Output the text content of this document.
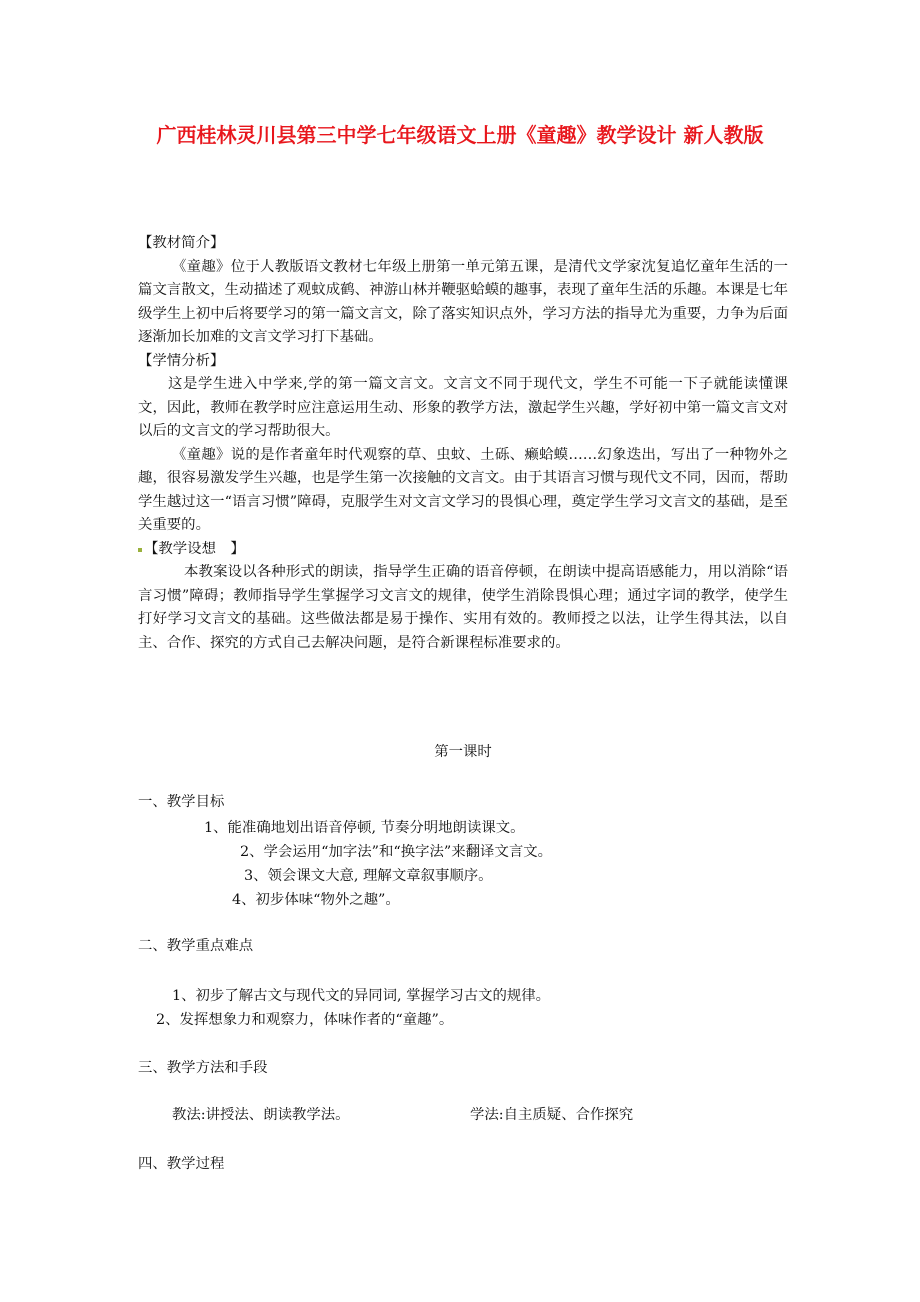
广西桂林灵川县第三中学七年级语文上册《童趣》教学设计 新人教版

【教材简介】

《童趣》位于人教版语文教材七年级上册第一单元第五课，是清代文学家沈复追忆童年生活的一篇文言散文，生动描述了观蚊成鹤、神游山林并鞭驱蛤蟆的趣事，表现了童年生活的乐趣。本课是七年级学生上初中后将要学习的第一篇文言文，除了落实知识点外，学习方法的指导尤为重要，力争为后面逐渐加长加难的文言文学习打下基础。

【学情分析】

这是学生进入中学来,学的第一篇文言文。文言文不同于现代文，学生不可能一下子就能读懂课文，因此，教师在教学时应注意运用生动、形象的教学方法，激起学生兴趣，学好初中第一篇文言文对以后的文言文的学习帮助很大。

《童趣》说的是作者童年时代观察的草、虫蚊、土砾、癞蛤蟆……幻象迭出，写出了一种物外之趣，很容易激发学生兴趣，也是学生第一次接触的文言文。由于其语言习惯与现代文不同，因而，帮助学生越过这一“语言习惯”障碍，克服学生对文言文学习的畏惧心理，奠定学生学习文言文的基础，是至关重要的。

【教学设想　】

本教案设以各种形式的朗读，指导学生正确的语音停顿，在朗读中提高语感能力，用以消除“语言习惯”障碍；教师指导学生掌握学习文言文的规律，使学生消除畏惧心理；通过字词的教学，使学生打好学习文言文的基础。这些做法都是易于操作、实用有效的。教师授之以法，让学生得其法，以自主、合作、探究的方式自己去解决问题，是符合新课程标准要求的。

第一课时
一、教学目标
1、能准确地划出语音停顿, 节奏分明地朗读课文。
2、学会运用“加字法”和“换字法”来翻译文言文。
3、领会课文大意, 理解文章叙事顺序。
4、初步体味“物外之趣”。
二、教学重点难点
1、初步了解古文与现代文的异同词, 掌握学习古文的规律。
2、发挥想象力和观察力，体味作者的“童趣”。
三、教学方法和手段
教法:讲授法、朗读教学法。	学法:自主质疑、合作探究
四、教学过程
